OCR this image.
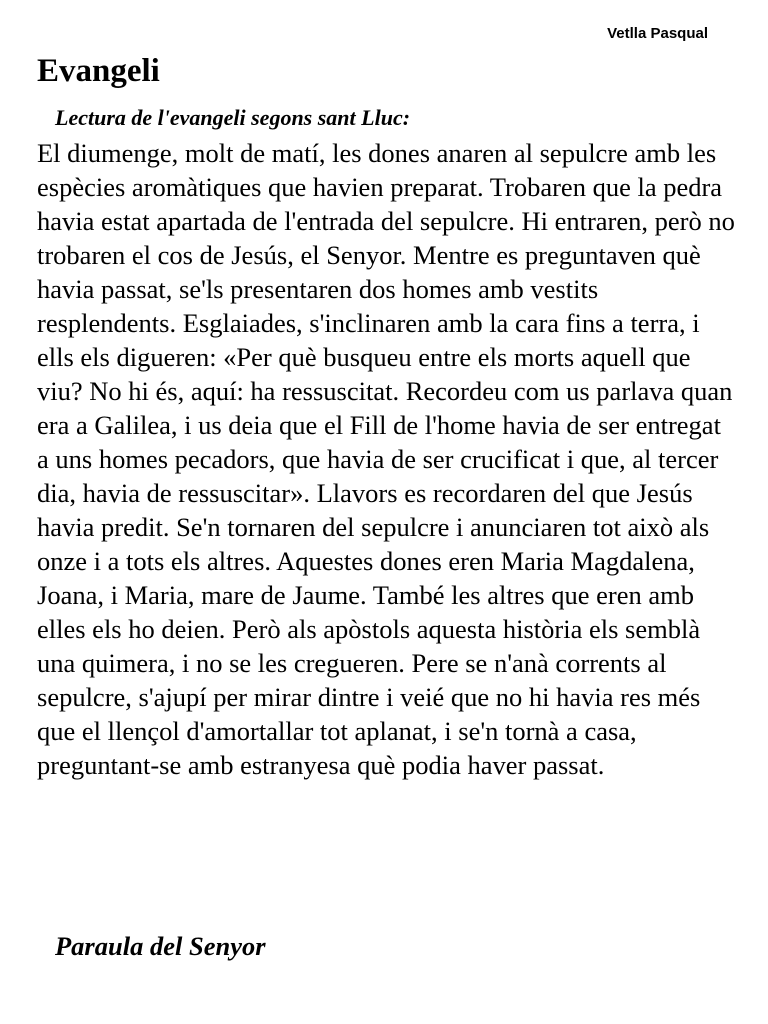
Vetlla Pasqual
Evangeli

Lectura de l'evangeli segons sant Lluc:

El diumenge, molt de matí, les dones anaren al sepulcre amb les espècies aromàtiques que havien preparat. Trobaren que la pedra havia estat apartada de l'entrada del sepulcre. Hi entraren, però no trobaren el cos de Jesús, el Senyor. Mentre es preguntaven què havia passat, se'ls presentaren dos homes amb vestits resplendents. Esglaiades, s'inclinaren amb la cara fins a terra, i ells els digueren: «Per què busqueu entre els morts aquell que viu? No hi és, aquí: ha ressuscitat. Recordeu com us parlava quan era a Galilea, i us deia que el Fill de l'home havia de ser entregat a uns homes pecadors, que havia de ser crucificat i que, al tercer dia, havia de ressuscitar». Llavors es recordaren del que Jesús havia predit. Se'n tornaren del sepulcre i anunciaren tot això als onze i a tots els altres. Aquestes dones eren Maria Magdalena, Joana, i Maria, mare de Jaume. També les altres que eren amb elles els ho deien. Però als apòstols aquesta història els semblà una quimera, i no se les cregueren. Pere se n'anà corrents al sepulcre, s'ajupí per mirar dintre i veié que no hi havia res més que el llençol d'amortallar tot aplanat, i se'n tornà a casa, preguntant-se amb estranyesa què podia haver passat.

Paraula del Senyor
